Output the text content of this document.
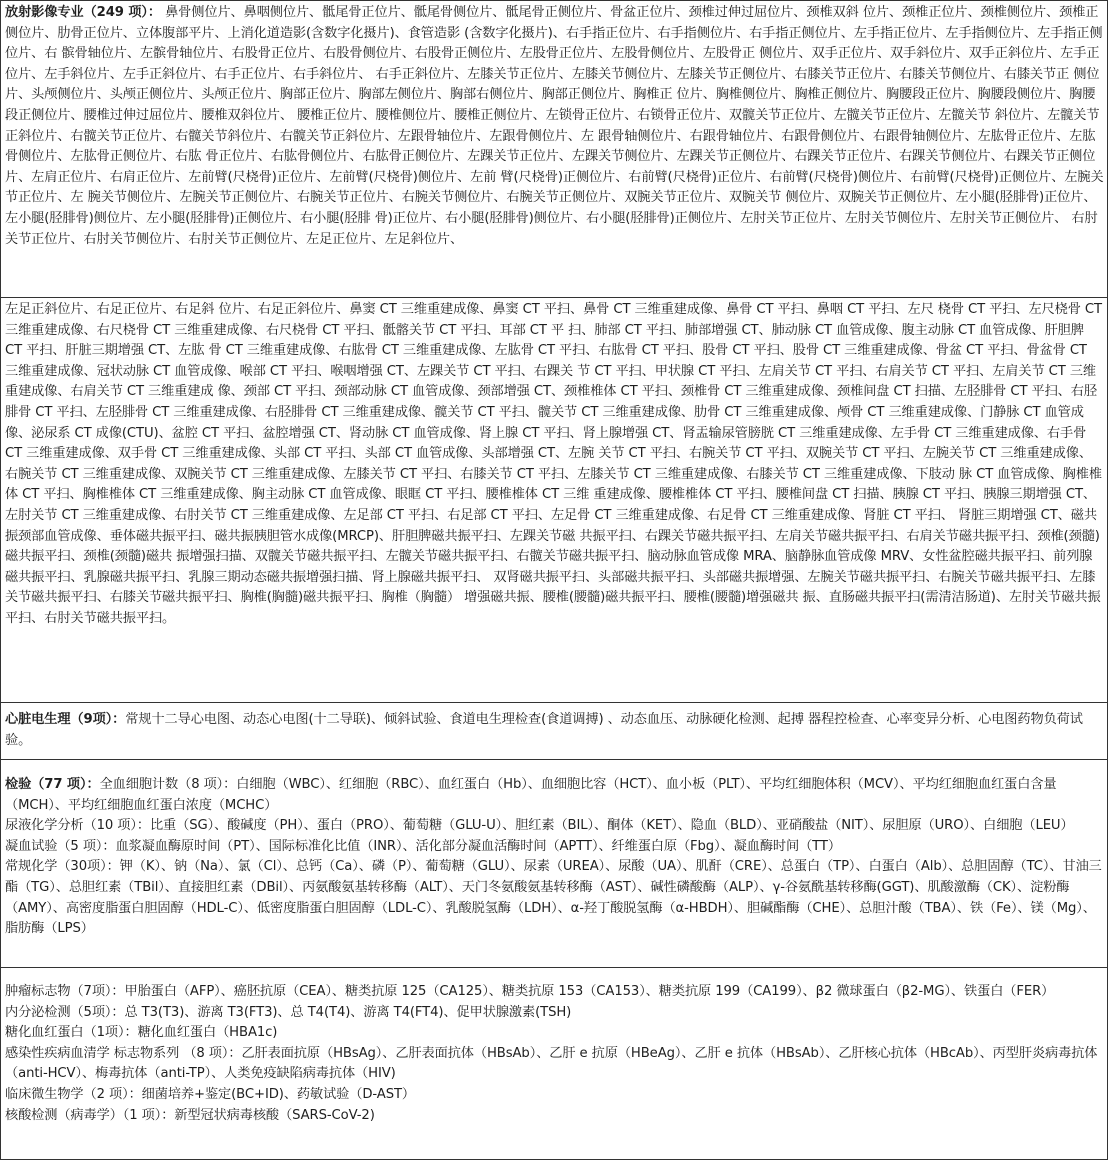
放射影像专业（249 项）： 鼻骨侧位片、鼻咽侧位片、骶尾骨正位片、骶尾骨侧位片、骶尾骨正侧位片、骨盆正位片、颈椎过伸过屈位片、颈椎双斜 位片、颈椎正位片、颈椎侧位片、颈椎正侧位片、肋骨正位片、立体腹部平片、上消化道造影(含数字化摄片)、食管造影 (含数字化摄片)、右手指正位片、右手指侧位片、右手指正侧位片、左手指正位片、左手指侧位片、左手指正侧位片、右 髌骨轴位片、左髌骨轴位片、右股骨正位片、右股骨侧位片、右股骨正侧位片、左股骨正位片、左股骨侧位片、左股骨正 侧位片、双手正位片、双手斜位片、双手正斜位片、左手正位片、左手斜位片、左手正斜位片、右手正位片、右手斜位片、 右手正斜位片、左膝关节正位片、左膝关节侧位片、左膝关节正侧位片、右膝关节正位片、右膝关节侧位片、右膝关节正 侧位片、头颅侧位片、头颅正侧位片、头颅正位片、胸部正位片、胸部左侧位片、胸部右侧位片、胸部正侧位片、胸椎正 位片、胸椎侧位片、胸椎正侧位片、胸腰段正位片、胸腰段侧位片、胸腰段正侧位片、腰椎过伸过屈位片、腰椎双斜位片、 腰椎正位片、腰椎侧位片、腰椎正侧位片、左锁骨正位片、右锁骨正位片、双髋关节正位片、左髋关节正位片、左髋关节 斜位片、左髋关节正斜位片、右髋关节正位片、右髋关节斜位片、右髋关节正斜位片、左跟骨轴位片、左跟骨侧位片、左 跟骨轴侧位片、右跟骨轴位片、右跟骨侧位片、右跟骨轴侧位片、左肱骨正位片、左肱骨侧位片、左肱骨正侧位片、右肱 骨正位片、右肱骨侧位片、右肱骨正侧位片、左踝关节正位片、左踝关节侧位片、左踝关节正侧位片、右踝关节正位片、右踝关节侧位片、右踝关节正侧位片、左肩正位片、右肩正位片、左前臂(尺桡骨)正位片、左前臂(尺桡骨)侧位片、左前 臂(尺桡骨)正侧位片、右前臂(尺桡骨)正位片、右前臂(尺桡骨)侧位片、右前臂(尺桡骨)正侧位片、左腕关节正位片、左 腕关节侧位片、左腕关节正侧位片、右腕关节正位片、右腕关节侧位片、右腕关节正侧位片、双腕关节正位片、双腕关节 侧位片、双腕关节正侧位片、左小腿(胫腓骨)正位片、左小腿(胫腓骨)侧位片、左小腿(胫腓骨)正侧位片、右小腿(胫腓 骨)正位片、右小腿(胫腓骨)侧位片、右小腿(胫腓骨)正侧位片、左肘关节正位片、左肘关节侧位片、左肘关节正侧位片、 右肘关节正位片、右肘关节侧位片、右肘关节正侧位片、左足正位片、左足斜位片、

左足正斜位片、右足正位片、右足斜 位片、右足正斜位片、鼻窦 CT 三维重建成像、鼻窦 CT 平扫、鼻骨 CT 三维重建成像、鼻骨 CT 平扫、鼻咽 CT 平扫、左尺 桡骨 CT 平扫、左尺桡骨 CT 三维重建成像、右尺桡骨 CT 三维重建成像、右尺桡骨 CT 平扫、骶髂关节 CT 平扫、耳部 CT 平 扫、肺部 CT 平扫、肺部增强 CT、肺动脉 CT 血管成像、腹主动脉 CT 血管成像、肝胆脾 CT 平扫、肝脏三期增强 CT、左肱 骨 CT 三维重建成像、右肱骨 CT 三维重建成像、左肱骨 CT 平扫、右肱骨 CT 平扫、股骨 CT 平扫、股骨 CT 三维重建成像、骨盆 CT 平扫、骨盆骨 CT 三维重建成像、冠状动脉 CT 血管成像、喉部 CT 平扫、喉咽增强 CT、左踝关节 CT 平扫、右踝关 节 CT 平扫、甲状腺 CT 平扫、左肩关节 CT 平扫、右肩关节 CT 平扫、左肩关节 CT 三维重建成像、右肩关节 CT 三维重建成 像、颈部 CT 平扫、颈部动脉 CT 血管成像、颈部增强 CT、颈椎椎体 CT 平扫、颈椎骨 CT 三维重建成像、颈椎间盘 CT 扫描、左胫腓骨 CT 平扫、右胫腓骨 CT 平扫、左胫腓骨 CT 三维重建成像、右胫腓骨 CT 三维重建成像、髋关节 CT 平扫、髋关节 CT 三维重建成像、肋骨 CT 三维重建成像、颅骨 CT 三维重建成像、门静脉 CT 血管成像、泌尿系 CT 成像(CTU)、盆腔 CT 平扫、盆腔增强 CT、肾动脉 CT 血管成像、肾上腺 CT 平扫、肾上腺增强 CT、肾盂输尿管膀胱 CT 三维重建成像、左手骨 CT 三维重建成像、右手骨 CT 三维重建成像、双手骨 CT 三维重建成像、头部 CT 平扫、头部 CT 血管成像、头部增强 CT、左腕 关节 CT 平扫、右腕关节 CT 平扫、双腕关节 CT 平扫、左腕关节 CT 三维重建成像、右腕关节 CT 三维重建成像、双腕关节 CT 三维重建成像、左膝关节 CT 平扫、右膝关节 CT 平扫、左膝关节 CT 三维重建成像、右膝关节 CT 三维重建成像、下肢动 脉 CT 血管成像、胸椎椎体 CT 平扫、胸椎椎体 CT 三维重建成像、胸主动脉 CT 血管成像、眼眶 CT 平扫、腰椎椎体 CT 三维 重建成像、腰椎椎体 CT 平扫、腰椎间盘 CT 扫描、胰腺 CT 平扫、胰腺三期增强 CT、左肘关节 CT 三维重建成像、右肘关节 CT 三维重建成像、左足部 CT 平扫、右足部 CT 平扫、左足骨 CT 三维重建成像、右足骨 CT 三维重建成像、肾脏 CT 平扫、 肾脏三期增强 CT、磁共振颈部血管成像、垂体磁共振平扫、磁共振胰胆管水成像(MRCP)、肝胆脾磁共振平扫、左踝关节磁 共振平扫、右踝关节磁共振平扫、左肩关节磁共振平扫、右肩关节磁共振平扫、颈椎(颈髓)磁共振平扫、颈椎(颈髓)磁共 振增强扫描、双髋关节磁共振平扫、左髋关节磁共振平扫、右髋关节磁共振平扫、脑动脉血管成像 MRA、脑静脉血管成像 MRV、女性盆腔磁共振平扫、前列腺磁共振平扫、乳腺磁共振平扫、乳腺三期动态磁共振增强扫描、肾上腺磁共振平扫、 双肾磁共振平扫、头部磁共振平扫、头部磁共振增强、左腕关节磁共振平扫、右腕关节磁共振平扫、左膝关节磁共振平扫、右膝关节磁共振平扫、胸椎(胸髓)磁共振平扫、胸椎（胸髓） 增强磁共振、腰椎(腰髓)磁共振平扫、腰椎(腰髓)增强磁共 振、直肠磁共振平扫(需清洁肠道)、左肘关节磁共振平扫、右肘关节磁共振平扫。

心脏电生理（9项）：常规十二导心电图、动态心电图(十二导联)、倾斜试验、食道电生理检查(食道调搏) 、动态血压、动脉硬化检测、起搏 器程控检查、心率变异分析、心电图药物负荷试验。

检验（77 项）：全血细胞计数（8 项）：白细胞（WBC）、红细胞（RBC）、血红蛋白（Hb）、血细胞比容（HCT）、血小板（PLT）、平均红细胞体积（MCV）、平均红细胞血红蛋白含量（MCH）、平均红细胞血红蛋白浓度（MCHC）

尿液化学分析（10 项）：比重（SG）、酸碱度（PH）、蛋白（PRO）、葡萄糖（GLU-U）、胆红素（BIL）、酮体（KET）、隐血（BLD）、亚硝酸盐（NIT）、尿胆原（URO）、白细胞（LEU）

凝血试验（5 项）：血浆凝血酶原时间（PT）、国际标准化比值（INR）、活化部分凝血活酶时间（APTT）、纤维蛋白原（Fbg）、凝血酶时间（TT）

常规化学（30项）：钾（K）、钠（Na）、氯（Cl）、总钙（Ca）、磷（P）、葡萄糖（GLU）、尿素（UREA）、尿酸（UA）、肌酐（CRE）、总蛋白（TP）、白蛋白（Alb）、总胆固醇（TC）、甘油三酯（TG）、总胆红素（TBil）、直接胆红素（DBil）、丙氨酸氨基转移酶（ALT）、天门冬氨酸氨基转移酶（AST）、碱性磷酸酶（ALP）、γ-谷氨酰基转移酶(GGT)、肌酸激酶（CK）、淀粉酶（AMY）、高密度脂蛋白胆固醇（HDL-C）、低密度脂蛋白胆固醇（LDL-C）、乳酸脱氢酶（LDH）、α-羟丁酸脱氢酶（α-HBDH）、胆碱酯酶（CHE）、总胆汁酸（TBA）、铁（Fe）、镁（Mg）、脂肪酶（LPS）

肿瘤标志物（7项）：甲胎蛋白（AFP）、癌胚抗原（CEA）、糖类抗原 125（CA125）、糖类抗原 153（CA153）、糖类抗原 199（CA199）、β2 微球蛋白（β2-MG）、铁蛋白（FER）

内分泌检测（5项）：总 T3(T3)、游离 T3(FT3)、总 T4(T4)、游离 T4(FT4)、促甲状腺激素(TSH)

糖化血红蛋白（1项）：糖化血红蛋白（HBA1c)

感染性疾病血清学 标志物系列 （8 项）：乙肝表面抗原（HBsAg）、乙肝表面抗体（HBsAb）、乙肝 e 抗原（HBeAg）、乙肝 e 抗体（HBsAb）、乙肝核心抗体（HBcAb）、丙型肝炎病毒抗体（anti-HCV）、梅毒抗体（anti-TP）、人类免疫缺陷病毒抗体（HIV)

临床微生物学（2 项）：细菌培养+鉴定(BC+ID)、药敏试验（D-AST）

核酸检测（病毒学）（1 项）：新型冠状病毒核酸（SARS-CoV-2)
